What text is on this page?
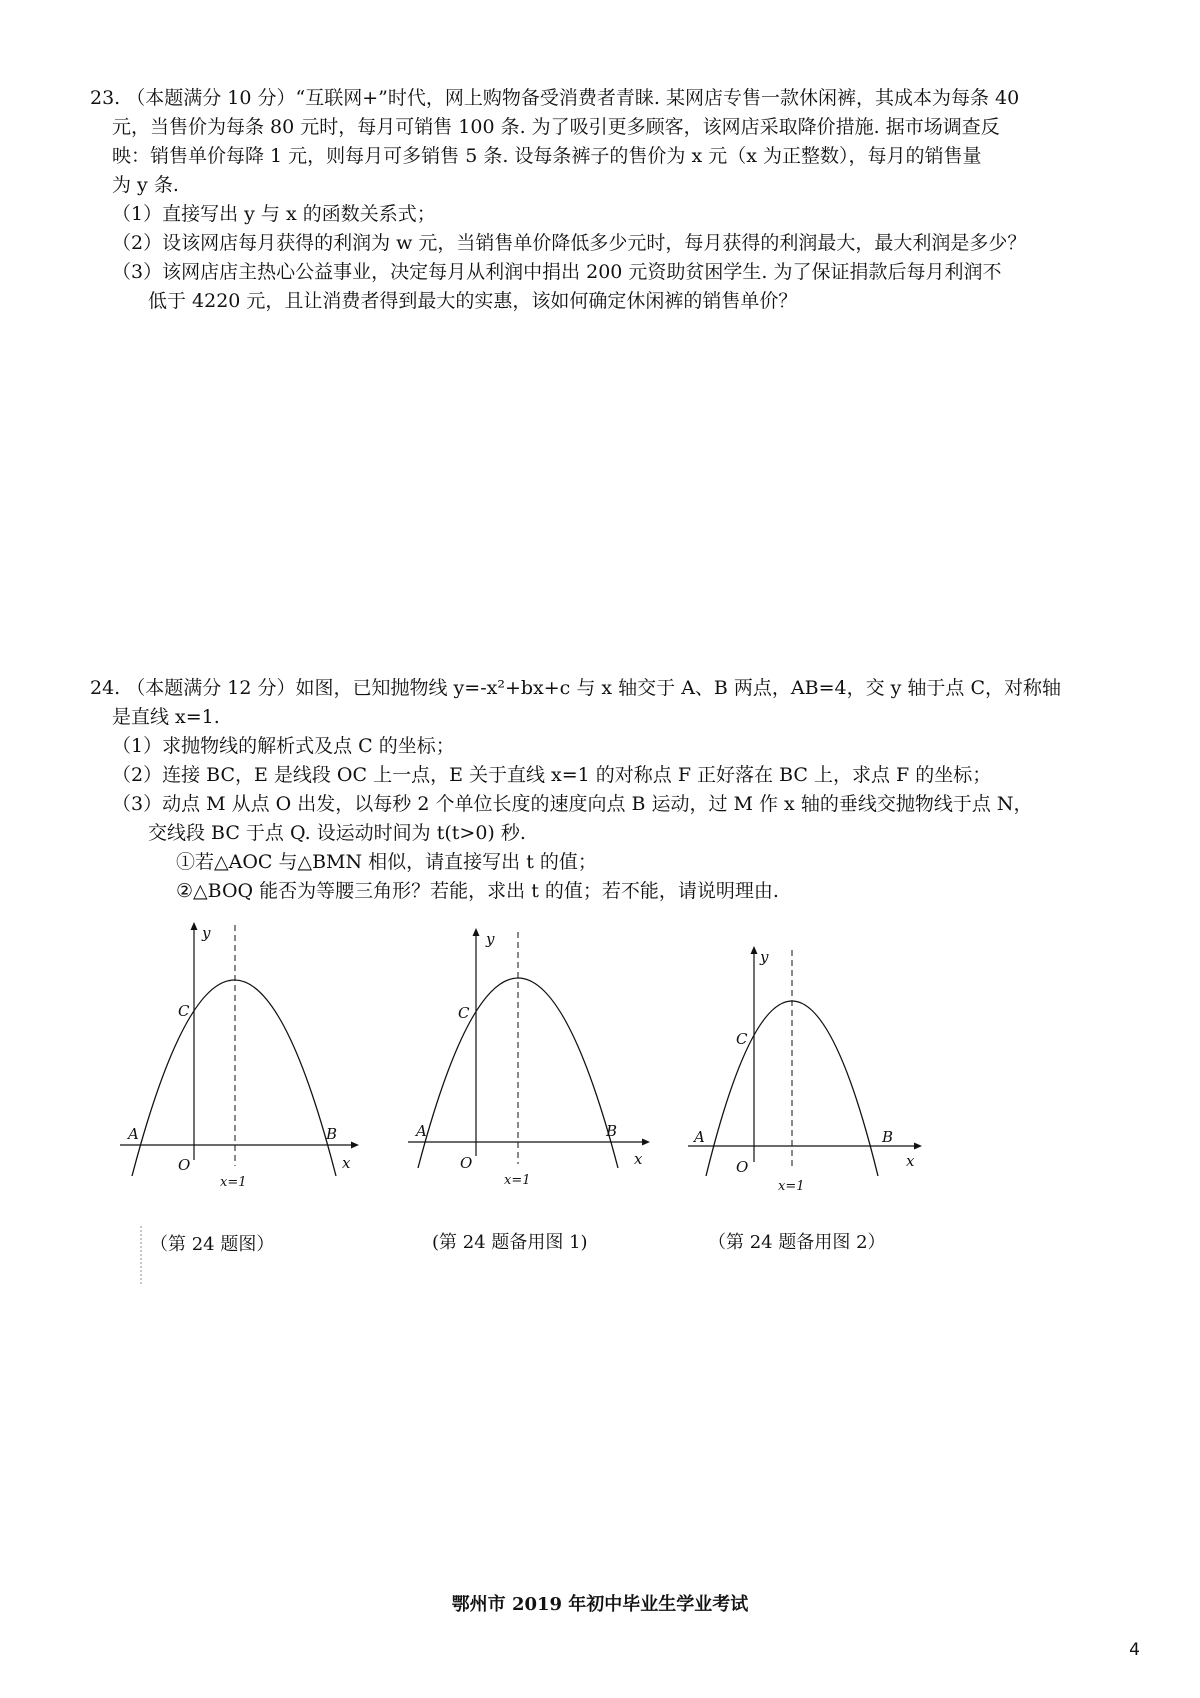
23. （本题满分 10 分）“互联网+”时代，网上购物备受消费者青睐. 某网店专售一款休闲裤，其成本为每条 40

元，当售价为每条 80 元时，每月可销售 100 条. 为了吸引更多顾客，该网店采取降价措施. 据市场调查反

映：销售单价每降 1 元，则每月可多销售 5 条. 设每条裤子的售价为 x 元（x 为正整数），每月的销售量

为 y 条.

（1）直接写出 y 与 x 的函数关系式；

（2）设该网店每月获得的利润为 w 元，当销售单价降低多少元时，每月获得的利润最大，最大利润是多少？

（3）该网店店主热心公益事业，决定每月从利润中捐出 200 元资助贫困学生. 为了保证捐款后每月利润不

低于 4220 元，且让消费者得到最大的实惠，该如何确定休闲裤的销售单价？

24. （本题满分 12 分）如图，已知抛物线 y=-x²+bx+c 与 x 轴交于 A、B 两点，AB=4，交 y 轴于点 C，对称轴

是直线 x=1.

（1）求抛物线的解析式及点 C 的坐标；

（2）连接 BC，E 是线段 OC 上一点，E 关于直线 x=1 的对称点 F 正好落在 BC 上，求点 F 的坐标；

（3）动点 M 从点 O 出发，以每秒 2 个单位长度的速度向点 B 运动，过 M 作 x 轴的垂线交抛物线于点 N，

交线段 BC 于点 Q. 设运动时间为 t(t>0) 秒.

①若△AOC 与△BMN 相似，请直接写出 t 的值；

②△BOQ 能否为等腰三角形？若能，求出 t 的值；若不能，请说明理由.

y
x
O
A	B
C
x=1
y
x
O
A	B
C
x=1
y
x
O
A	B
C
x=1
（第 24 题图）	(第 24 题备用图 1)	（第 24 题备用图 2）
鄂州市 2019 年初中毕业生学业考试
4
